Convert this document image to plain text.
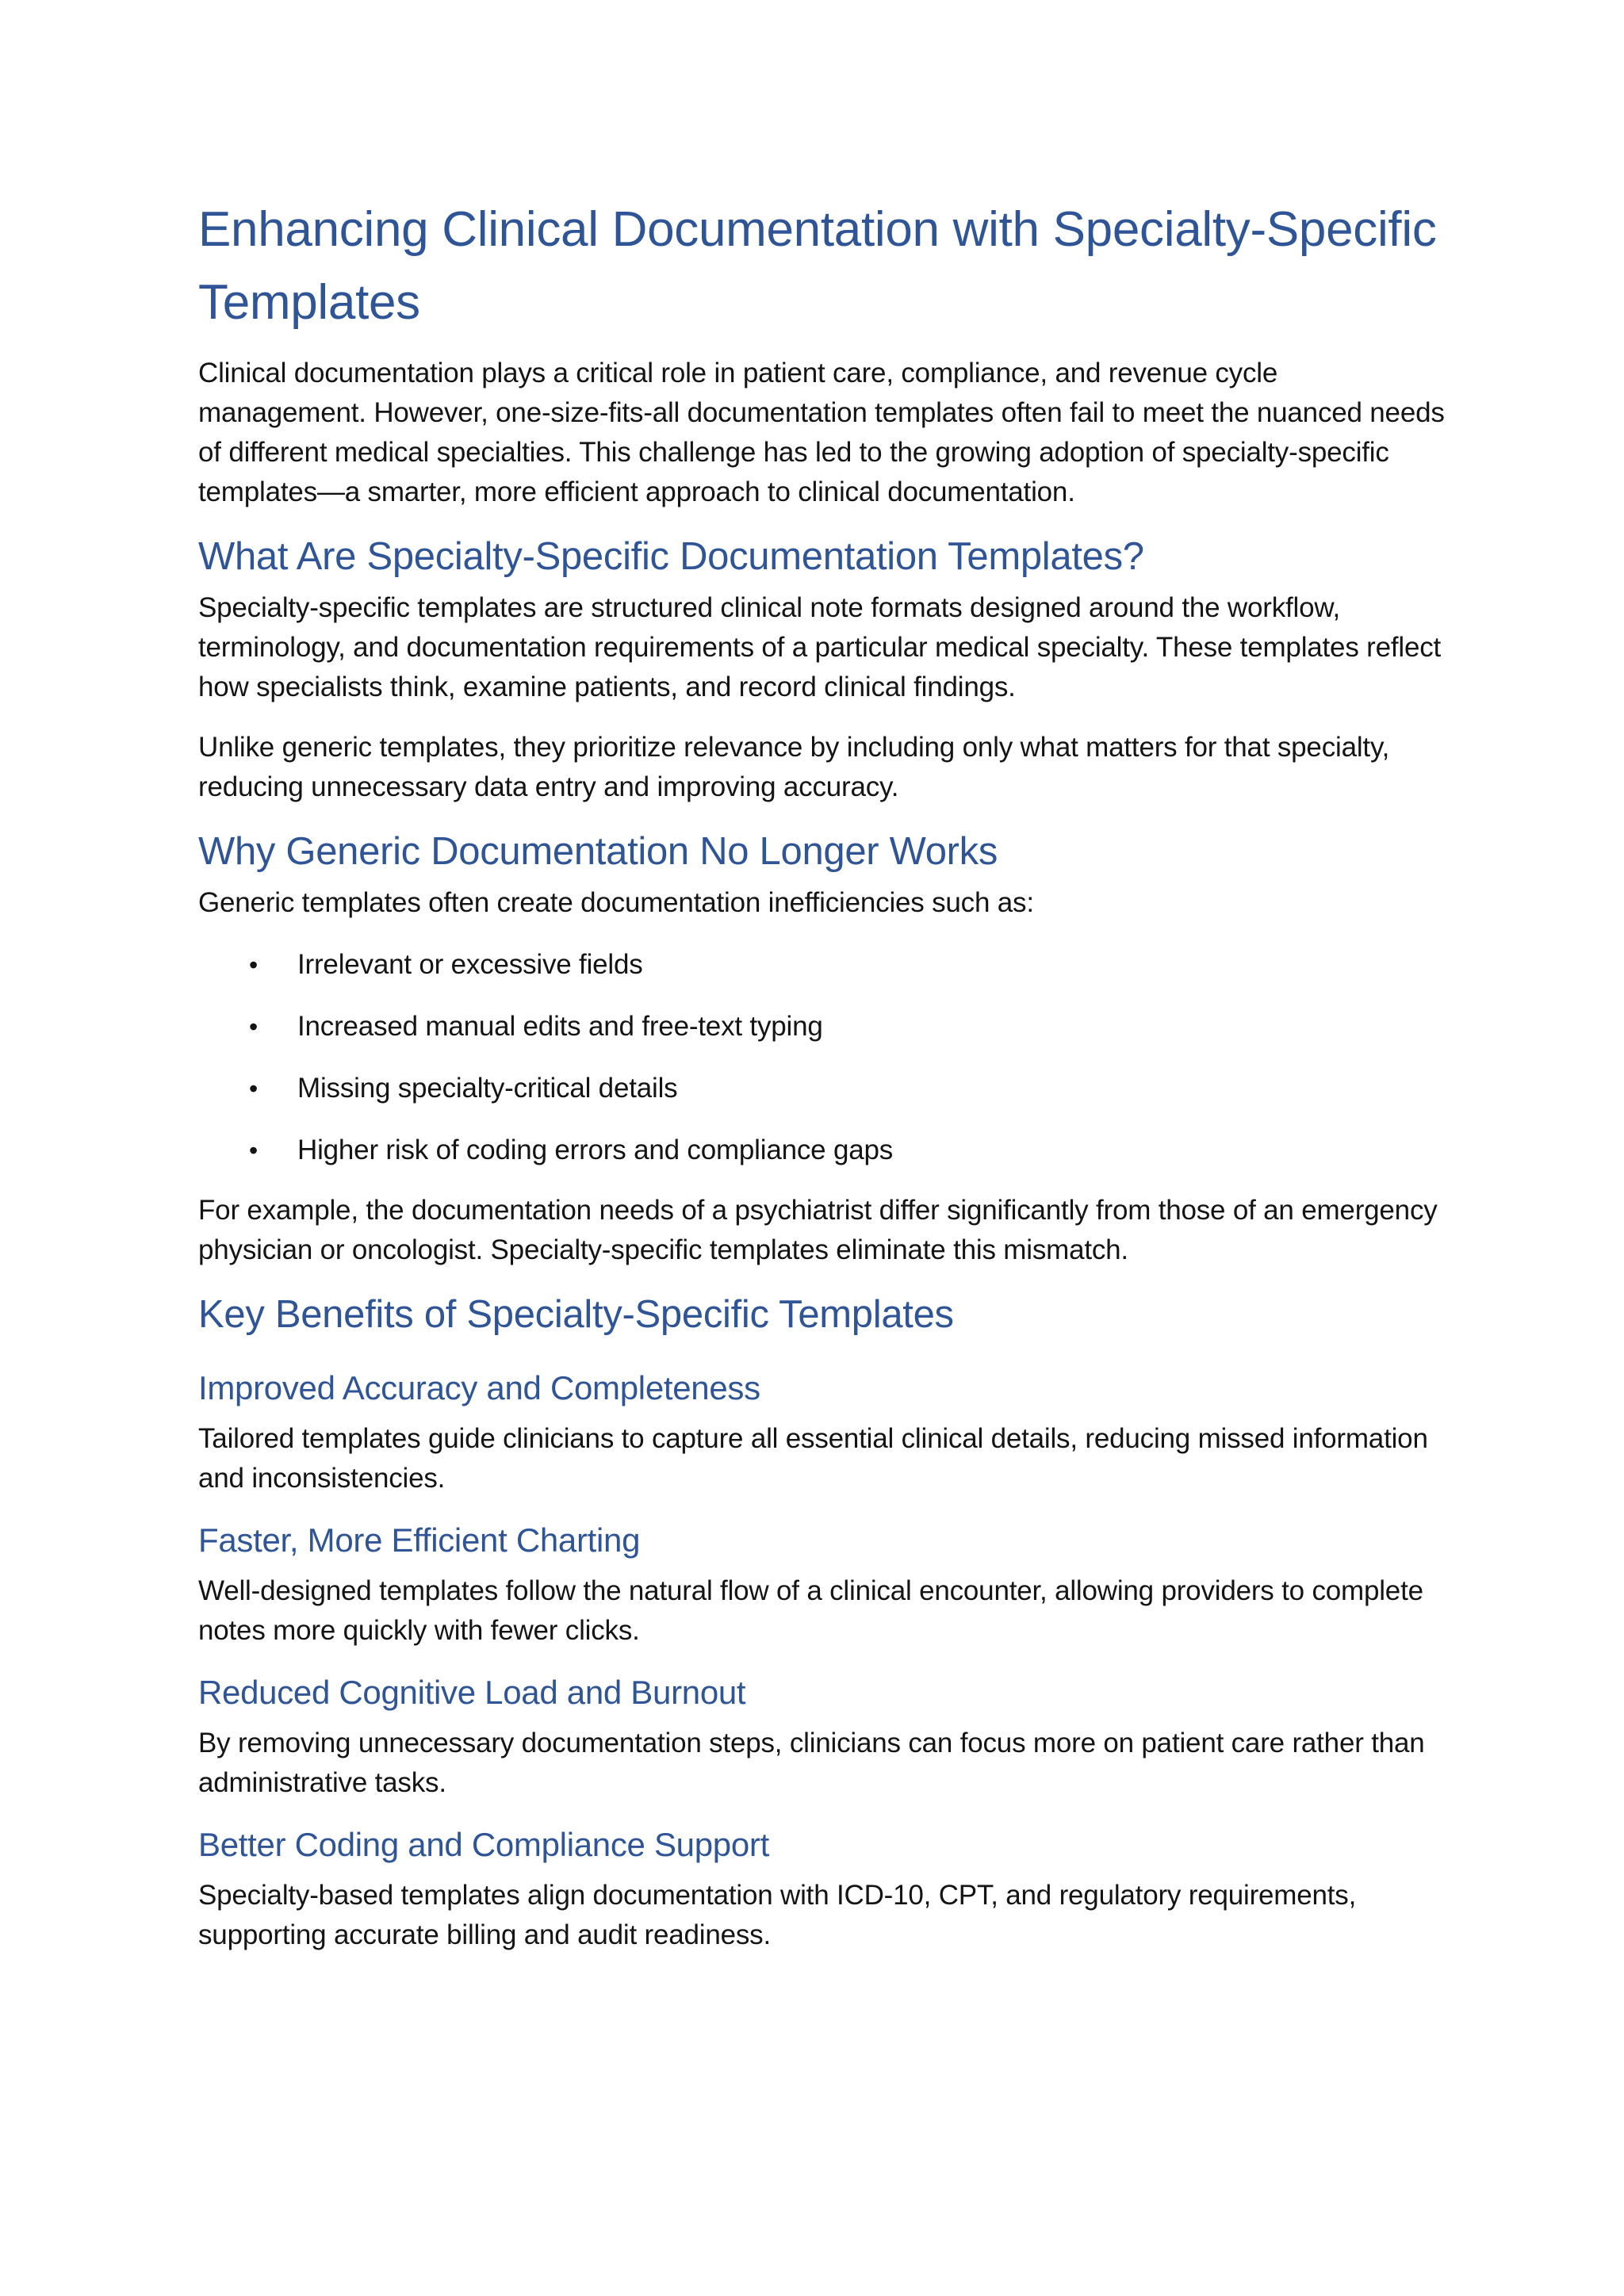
Enhancing Clinical Documentation with Specialty-Specific Templates

Clinical documentation plays a critical role in patient care, compliance, and revenue cycle management. However, one-size-fits-all documentation templates often fail to meet the nuanced needs of different medical specialties. This challenge has led to the growing adoption of specialty-specific templates—a smarter, more efficient approach to clinical documentation.

What Are Specialty-Specific Documentation Templates?

Specialty-specific templates are structured clinical note formats designed around the workflow, terminology, and documentation requirements of a particular medical specialty. These templates reflect how specialists think, examine patients, and record clinical findings.

Unlike generic templates, they prioritize relevance by including only what matters for that specialty, reducing unnecessary data entry and improving accuracy.

Why Generic Documentation No Longer Works

Generic templates often create documentation inefficiencies such as:

• Irrelevant or excessive fields
• Increased manual edits and free-text typing
• Missing specialty-critical details
• Higher risk of coding errors and compliance gaps

For example, the documentation needs of a psychiatrist differ significantly from those of an emergency physician or oncologist. Specialty-specific templates eliminate this mismatch.

Key Benefits of Specialty-Specific Templates
Improved Accuracy and Completeness

Tailored templates guide clinicians to capture all essential clinical details, reducing missed information and inconsistencies.

Faster, More Efficient Charting

Well-designed templates follow the natural flow of a clinical encounter, allowing providers to complete notes more quickly with fewer clicks.

Reduced Cognitive Load and Burnout

By removing unnecessary documentation steps, clinicians can focus more on patient care rather than administrative tasks.

Better Coding and Compliance Support

Specialty-based templates align documentation with ICD-10, CPT, and regulatory requirements, supporting accurate billing and audit readiness.
